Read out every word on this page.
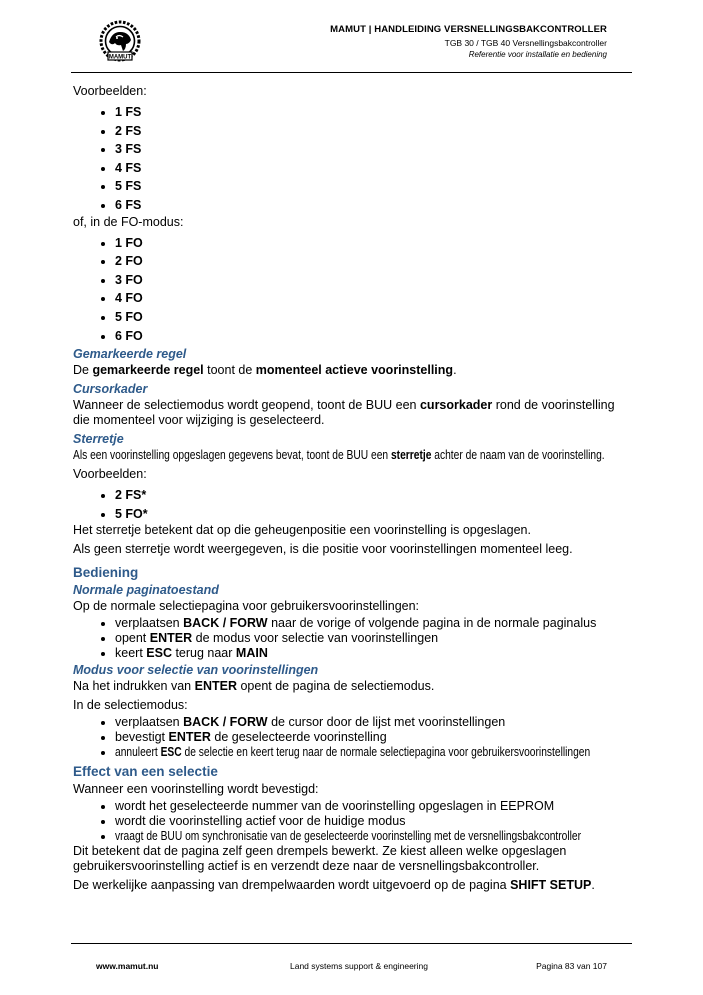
MAMUT
MAMUT | HANDLEIDING VERSNELLINGSBAKCONTROLLER
TGB 30 / TGB 40 Versnellingsbakcontroller
Referentie voor installatie en bediening

Voorbeelden:

• 1 FS
• 2 FS
• 3 FS
• 4 FS
• 5 FS
• 6 FS

of, in de FO-modus:

• 1 FO
• 2 FO
• 3 FO
• 4 FO
• 5 FO
• 6 FO
Gemarkeerde regel

De gemarkeerde regel toont de momenteel actieve voorinstelling.

Cursorkader

Wanneer de selectiemodus wordt geopend, toont de BUU een cursorkader rond de voorinstelling die momenteel voor wijziging is geselecteerd.

Sterretje

Als een voorinstelling opgeslagen gegevens bevat, toont de BUU een sterretje achter de naam van de voorinstelling.

Voorbeelden:

• 2 FS*
• 5 FO*

Het sterretje betekent dat op die geheugenpositie een voorinstelling is opgeslagen.

Als geen sterretje wordt weergegeven, is die positie voor voorinstellingen momenteel leeg.

Bediening
Normale paginatoestand

Op de normale selectiepagina voor gebruikersvoorinstellingen:

• verplaatsen BACK / FORW naar de vorige of volgende pagina in de normale paginalus
• opent ENTER de modus voor selectie van voorinstellingen
• keert ESC terug naar MAIN
Modus voor selectie van voorinstellingen

Na het indrukken van ENTER opent de pagina de selectiemodus.

In de selectiemodus:

• verplaatsen BACK / FORW de cursor door de lijst met voorinstellingen
• bevestigt ENTER de geselecteerde voorinstelling
• annuleert ESC de selectie en keert terug naar de normale selectiepagina voor gebruikersvoorinstellingen
Effect van een selectie

Wanneer een voorinstelling wordt bevestigd:

• wordt het geselecteerde nummer van de voorinstelling opgeslagen in EEPROM
• wordt die voorinstelling actief voor de huidige modus
• vraagt de BUU om synchronisatie van de geselecteerde voorinstelling met de versnellingsbakcontroller

Dit betekent dat de pagina zelf geen drempels bewerkt. Ze kiest alleen welke opgeslagen gebruikersvoorinstelling actief is en verzendt deze naar de versnellingsbakcontroller.

De werkelijke aanpassing van drempelwaarden wordt uitgevoerd op de pagina SHIFT SETUP.

www.mamut.nu	Land systems support & engineering	Pagina 83 van 107
